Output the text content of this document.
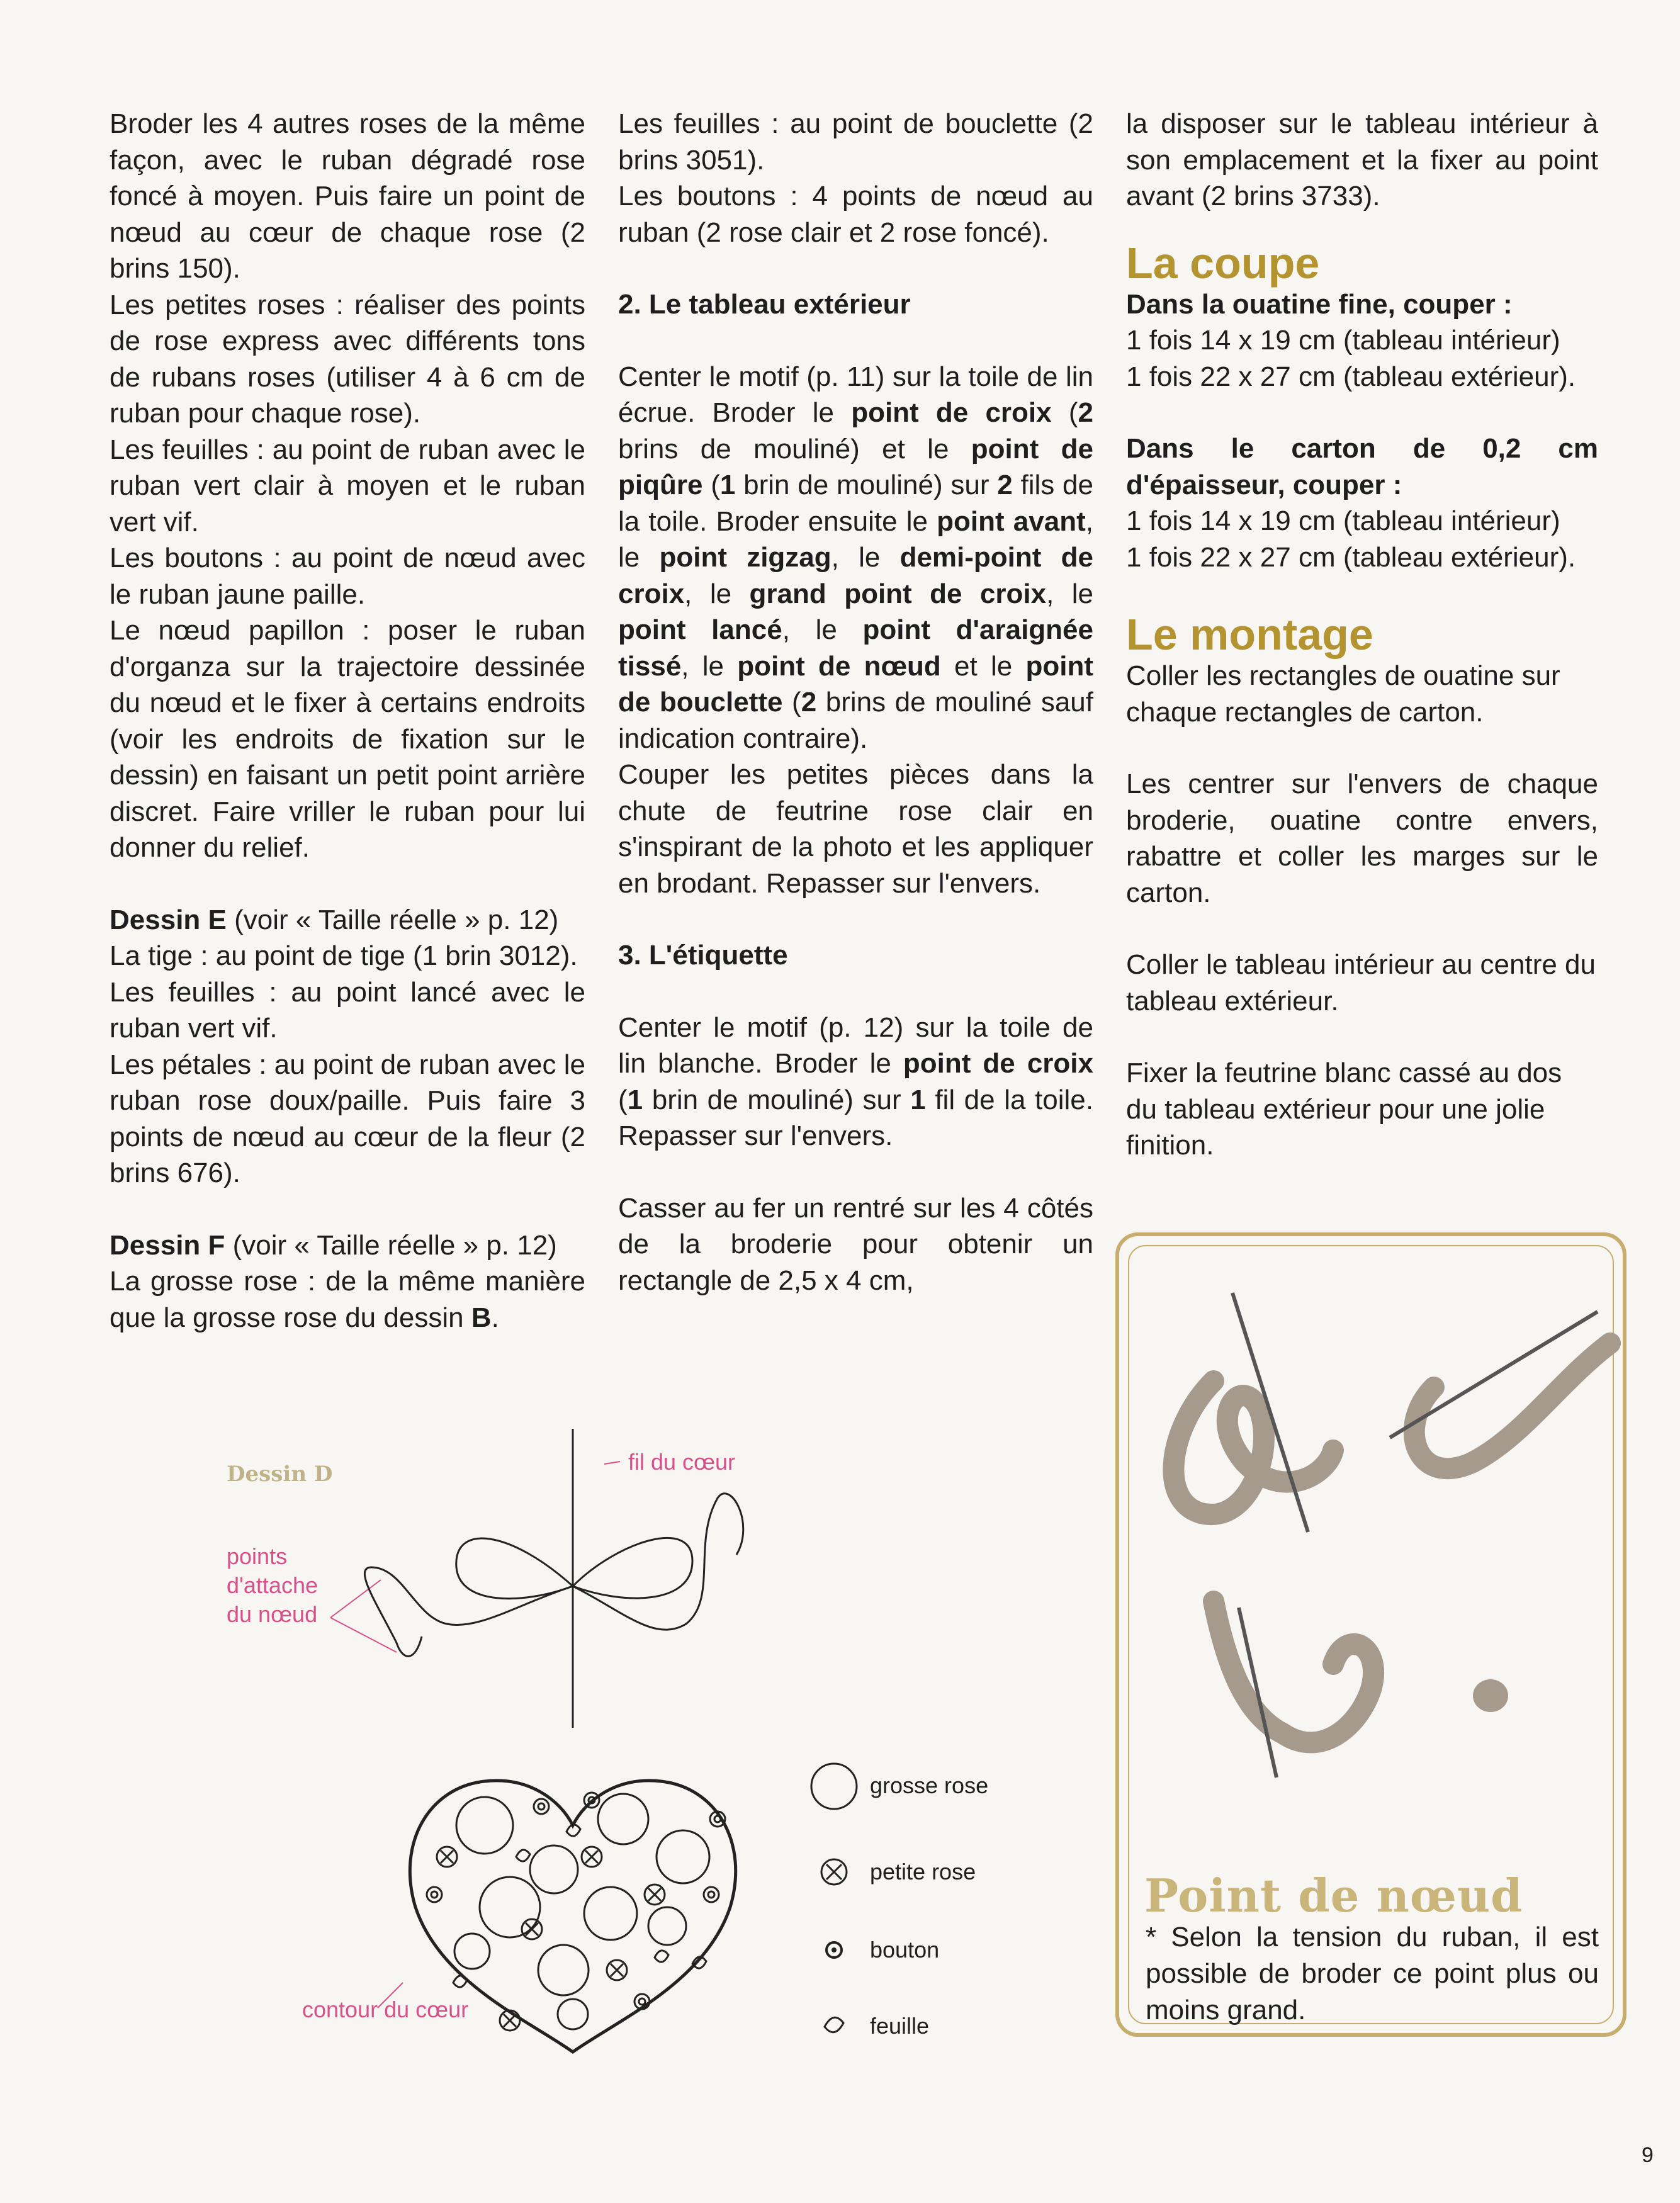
Broder les 4 autres roses de la même façon, avec le ruban dégradé rose foncé à moyen. Puis faire un point de nœud au cœur de chaque rose (2 brins 150).

Les petites roses : réaliser des points de rose express avec différents tons de rubans roses (utiliser 4 à 6 cm de ruban pour chaque rose).

Les feuilles : au point de ruban avec le ruban vert clair à moyen et le ruban vert vif.

Les boutons : au point de nœud avec le ruban jaune paille.

Le nœud papillon : poser le ruban d'organza sur la trajectoire dessinée du nœud et le fixer à certains endroits (voir les endroits de fixation sur le dessin) en faisant un petit point arrière discret. Faire vriller le ruban pour lui donner du relief.

Dessin E (voir « Taille réelle » p. 12)

La tige : au point de tige (1 brin 3012).

Les feuilles : au point lancé avec le ruban vert vif.

Les pétales : au point de ruban avec le ruban rose doux/paille. Puis faire 3 points de nœud au cœur de la fleur (2 brins 676).

Dessin F (voir « Taille réelle » p. 12)

La grosse rose : de la même manière que la grosse rose du dessin B.

Les feuilles : au point de bouclette (2 brins 3051).

Les boutons : 4 points de nœud au ruban (2 rose clair et 2 rose foncé).

2. Le tableau extérieur

Center le motif (p. 11) sur la toile de lin écrue. Broder le point de croix (2 brins de mouliné) et le point de piqûre (1 brin de mouliné) sur 2 fils de la toile. Broder ensuite le point avant, le point zigzag, le demi-point de croix, le grand point de croix, le point lancé, le point d'araignée tissé, le point de nœud et le point de bouclette (2 brins de mouliné sauf indication contraire).

Couper les petites pièces dans la chute de feutrine rose clair en s'inspirant de la photo et les appliquer en brodant. Repasser sur l'envers.

3. L'étiquette

Center le motif (p. 12) sur la toile de lin blanche. Broder le point de croix (1 brin de mouliné) sur 1 fil de la toile. Repasser sur l'envers.

Casser au fer un rentré sur les 4 côtés de la broderie pour obtenir un rectangle de 2,5 x 4 cm,

la disposer sur le tableau intérieur à son emplacement et la fixer au point avant (2 brins 3733).

La coupe

Dans la ouatine fine, couper :

1 fois 14 x 19 cm (tableau intérieur)

1 fois 22 x 27 cm (tableau extérieur).

Dans le carton de 0,2 cm d'épaisseur, couper :

1 fois 14 x 19 cm (tableau intérieur)

1 fois 22 x 27 cm (tableau extérieur).

Le montage

Coller les rectangles de ouatine sur chaque rectangles de carton.

Les centrer sur l'envers de chaque broderie, ouatine contre envers, rabattre et coller les marges sur le carton.

Coller le tableau intérieur au centre du tableau extérieur.

Fixer la feutrine blanc cassé au dos du tableau extérieur pour une jolie finition.

Point de nœud
* Selon la tension du ruban, il est possible de broder ce point plus ou moins grand.
Dessin D	fil du cœur
points
d'attache
du nœud
contour du cœur
grosse rose
petite rose
bouton
feuille
9
